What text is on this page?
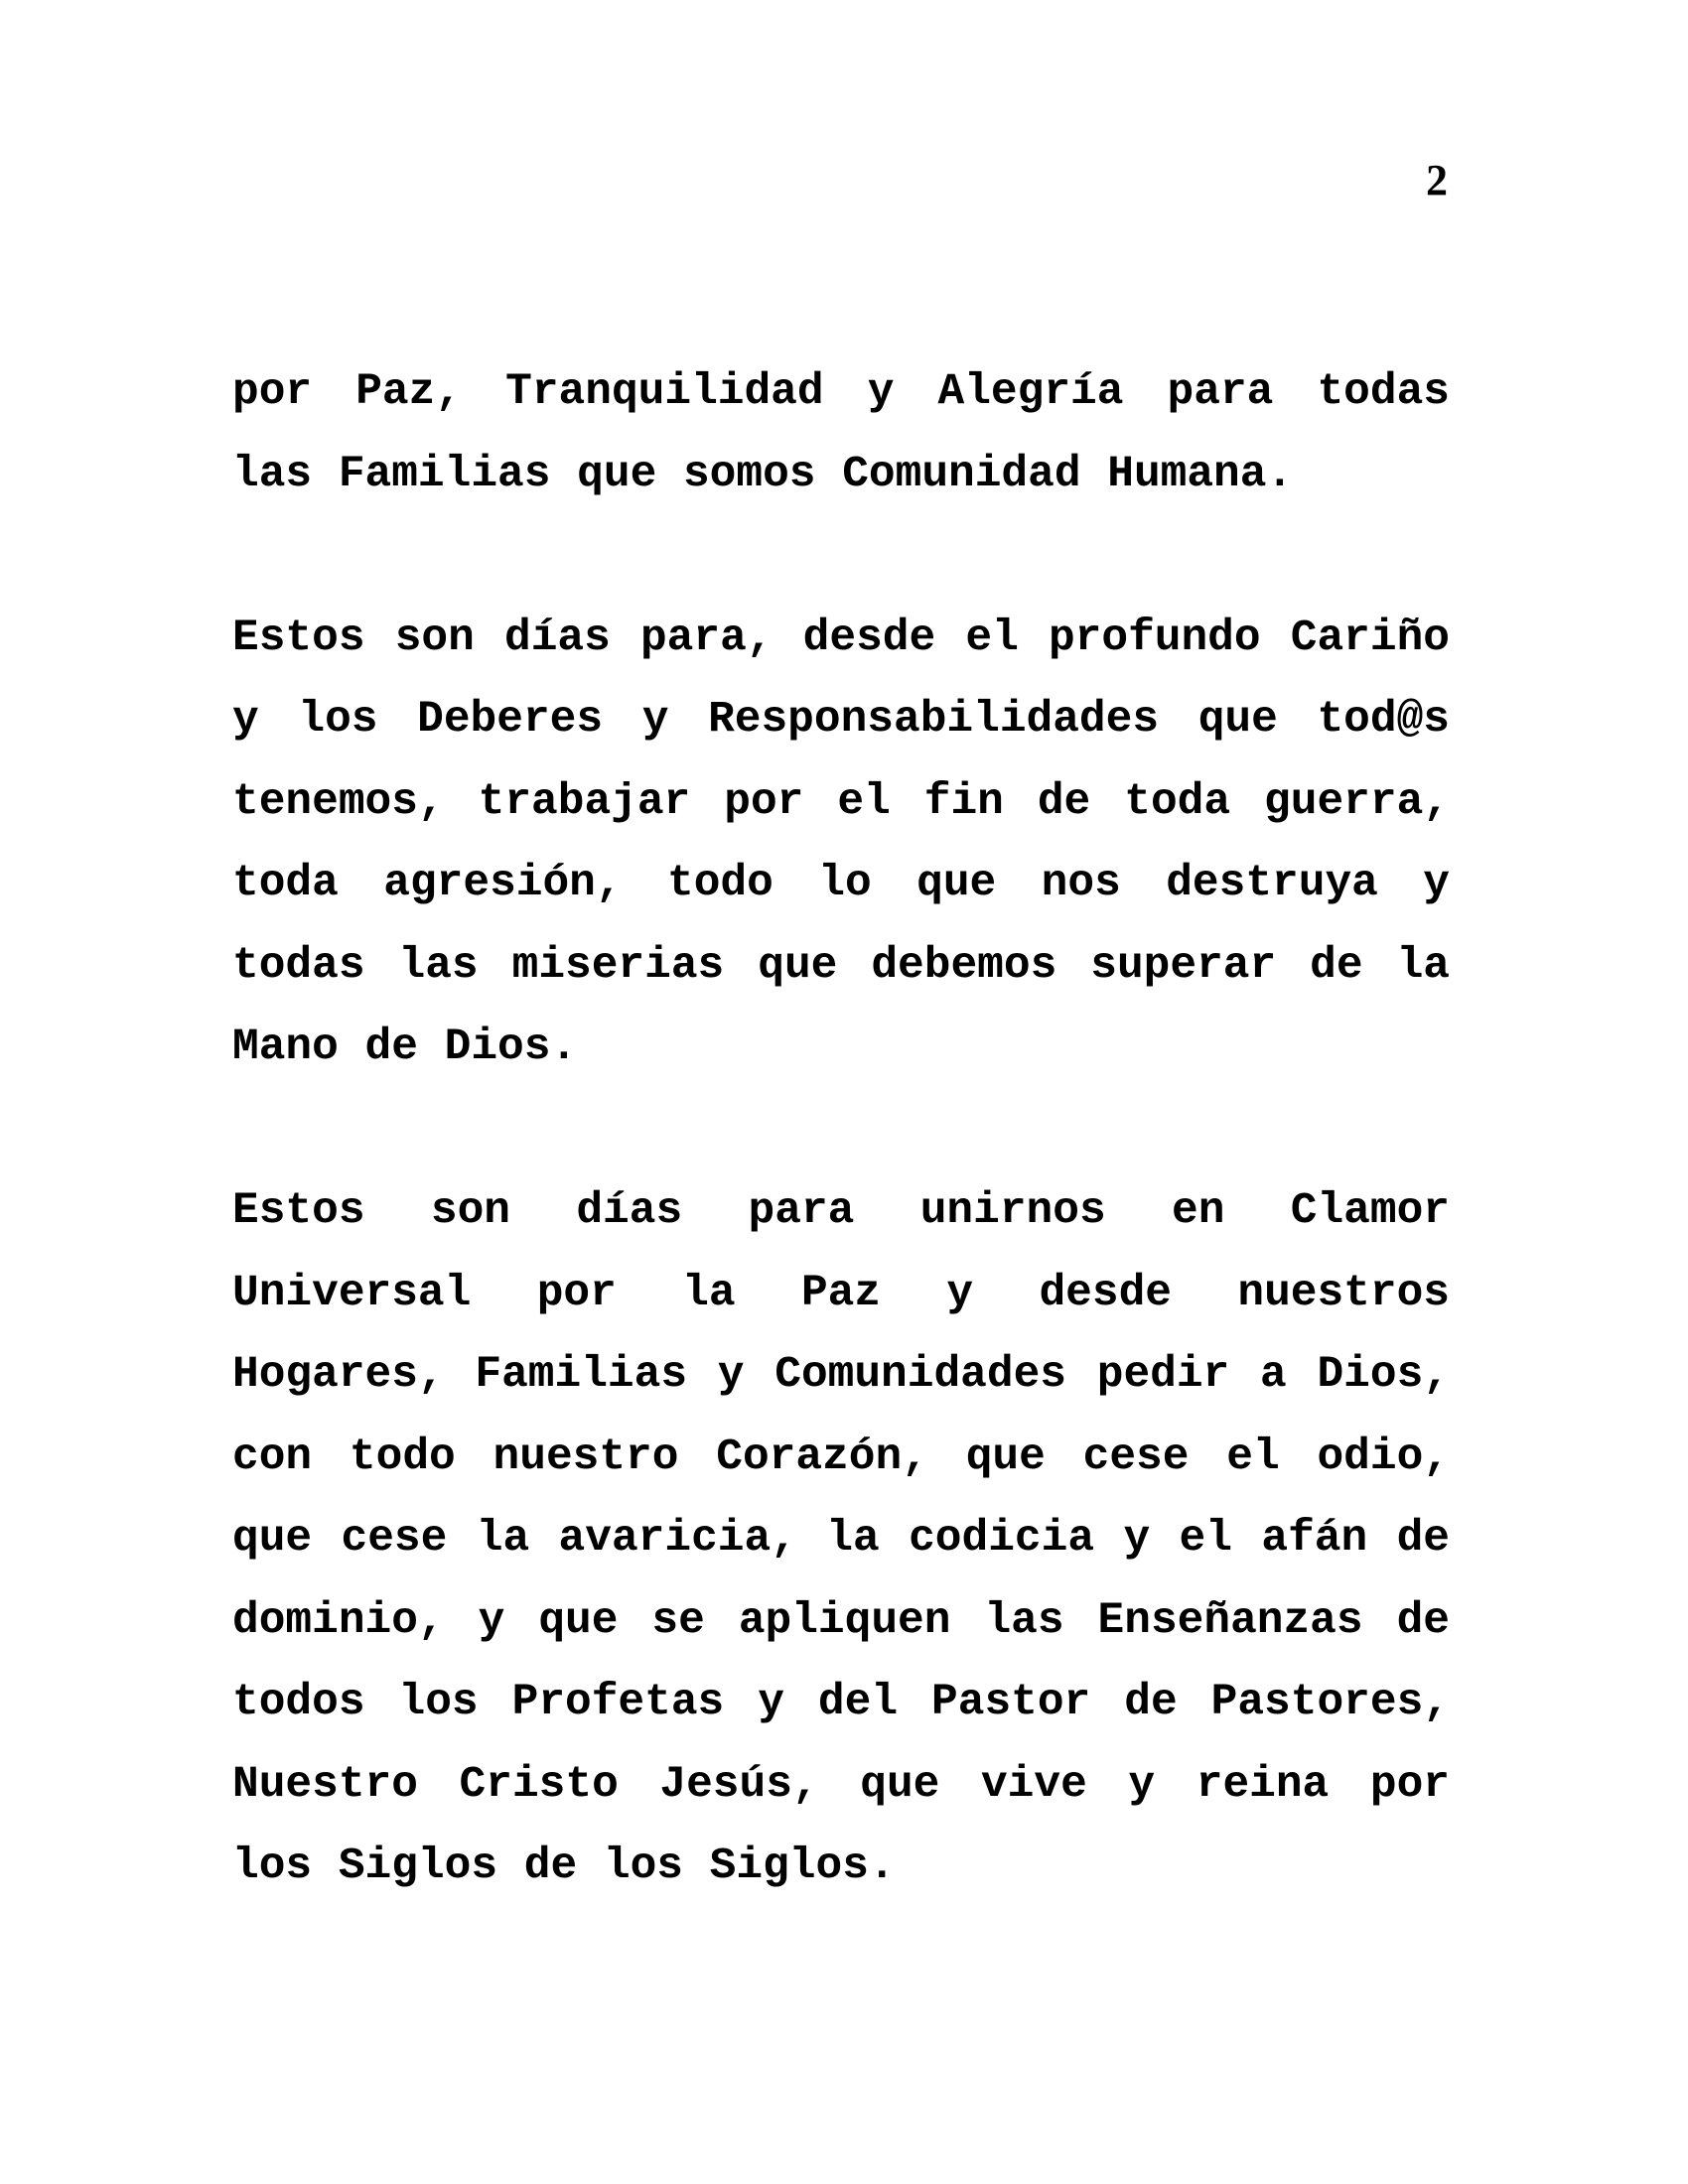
2

por Paz, Tranquilidad y Alegría para todas las Familias que somos Comunidad Humana.

Estos son días para, desde el profundo Cariño y los Deberes y Responsabilidades que tod@s tenemos, trabajar por el fin de toda guerra, toda agresión, todo lo que nos destruya y todas las miserias que debemos superar de la Mano de Dios.

Estos son días para unirnos en Clamor Universal por la Paz y desde nuestros Hogares, Familias y Comunidades pedir a Dios, con todo nuestro Corazón, que cese el odio, que cese la avaricia, la codicia y el afán de dominio, y que se apliquen las Enseñanzas de todos los Profetas y del Pastor de Pastores, Nuestro Cristo Jesús, que vive y reina por los Siglos de los Siglos.
